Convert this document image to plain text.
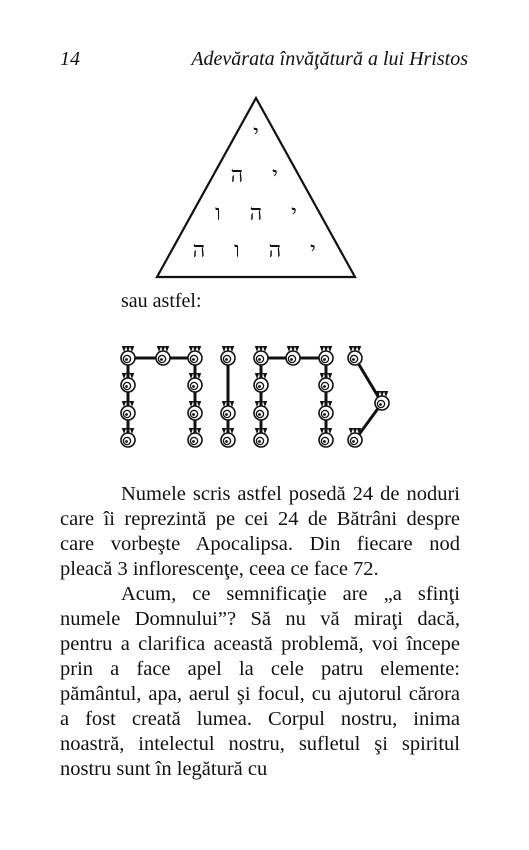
14	Adevărata învăţătură a lui Hristos
י
ה י
ו ה י
ה ו ה י
sau astfel:

Numele scris astfel posedă 24 de noduri care îi reprezintă pe cei 24 de Bătrâni despre care vorbeşte Apocalipsa. Din fiecare nod pleacă 3 inflorescenţe, ceea ce face 72.

Acum, ce semnificaţie are „a sfinţi numele Domnului”? Să nu vă miraţi dacă, pentru a clarifica această problemă, voi începe prin a face apel la cele patru elemente: pământul, apa, aerul şi focul, cu ajutorul cărora a fost creată lumea. Corpul nostru, inima noastră, intelectul nostru, sufletul şi spiritul nostru sunt în legătură cu
